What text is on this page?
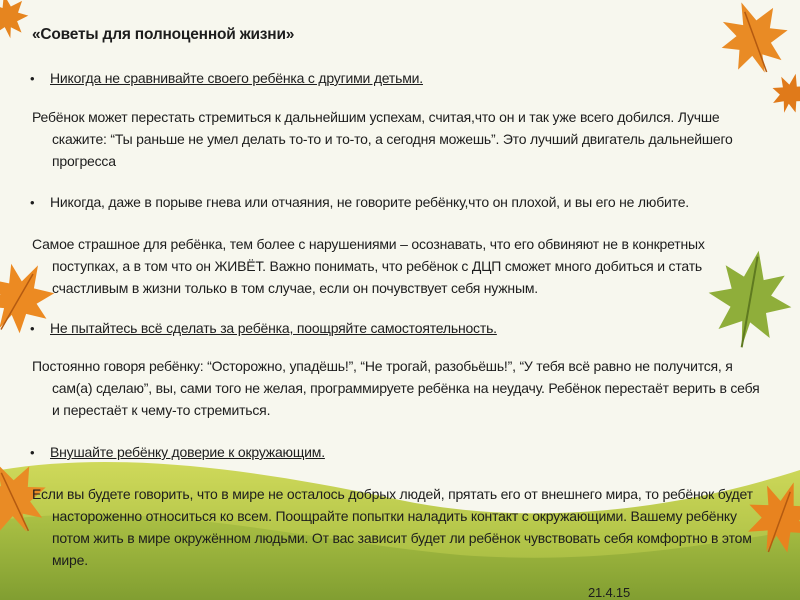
«Советы для полноценной жизни»
• Никогда не сравнивайте своего ребёнка с другими детьми.
Ребёнок может перестать стремиться к дальнейшим успехам, считая,что он и так уже всего добился. Лучше скажите: “Ты раньше не умел делать то-то и то-то, а сегодня можешь”. Это лучший двигатель дальнейшего прогресса
• Никогда, даже в порыве гнева или отчаяния, не говорите ребёнку,что он плохой, и вы его не любите.
Самое страшное для ребёнка, тем более с нарушениями – осознавать, что его обвиняют не в конкретных поступках, а в том что он ЖИВЁТ. Важно понимать, что ребёнок с ДЦП сможет много добиться и стать счастливым в жизни только в том случае, если он почувствует себя нужным.
• Не пытайтесь всё сделать за ребёнка, поощряйте самостоятельность.
Постоянно говоря ребёнку: “Осторожно, упадёшь!”, “Не трогай, разобьёшь!”, “У тебя всё равно не получится, я сам(а) сделаю”, вы, сами того не желая, программируете ребёнка на неудачу. Ребёнок перестаёт верить в себя и перестаёт к чему-то стремиться.
• Внушайте ребёнку доверие к окружающим.
Если вы будете говорить, что в мире не осталось добрых людей, прятать его от внешнего мира, то ребёнок будет настороженно относиться ко всем. Поощрайте попытки наладить контакт с окружающими. Вашему ребёнку потом жить в мире окружённом людьми. От вас зависит будет ли ребёнок чувствовать себя комфортно в этом мире.
21.4.15
